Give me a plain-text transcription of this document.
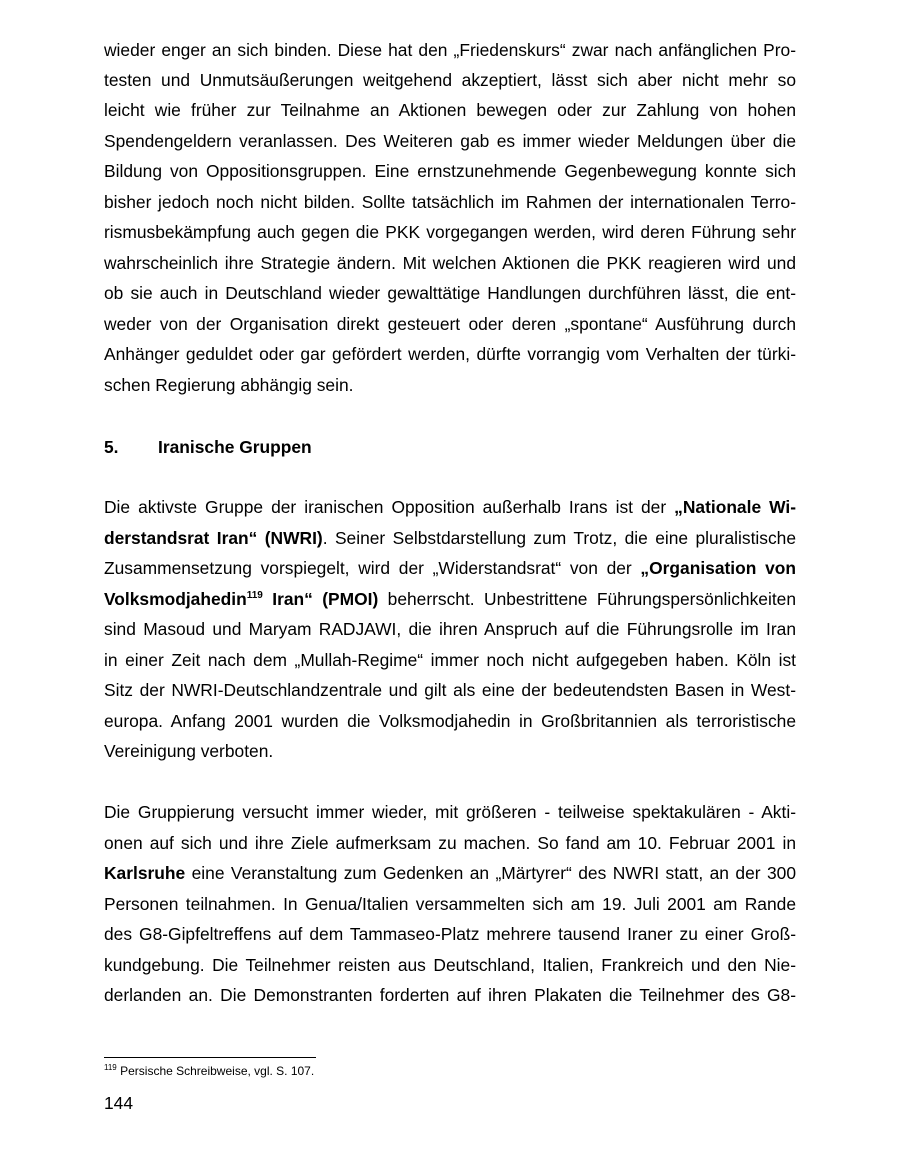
wieder enger an sich binden. Diese hat den „Friedenskurs“ zwar nach anfänglichen Pro-
testen und Unmutsäußerungen weitgehend akzeptiert, lässt sich aber nicht mehr so
leicht wie früher zur Teilnahme an Aktionen bewegen oder zur Zahlung von hohen
Spendengeldern veranlassen. Des Weiteren gab es immer wieder Meldungen über die
Bildung von Oppositionsgruppen. Eine ernstzunehmende Gegenbewegung konnte sich
bisher jedoch noch nicht bilden. Sollte tatsächlich im Rahmen der internationalen Terro-
rismusbekämpfung auch gegen die PKK vorgegangen werden, wird deren Führung sehr
wahrscheinlich ihre Strategie ändern. Mit welchen Aktionen die PKK reagieren wird und
ob sie auch in Deutschland wieder gewalttätige Handlungen durchführen lässt, die ent-
weder von der Organisation direkt gesteuert oder deren „spontane“ Ausführung durch
Anhänger geduldet oder gar gefördert werden, dürfte vorrangig vom Verhalten der türki-
schen Regierung abhängig sein.
5. Iranische Gruppen
Die aktivste Gruppe der iranischen Opposition außerhalb Irans ist der „Nationale Wi-
derstandsrat Iran“ (NWRI). Seiner Selbstdarstellung zum Trotz, die eine pluralistische
Zusammensetzung vorspiegelt, wird der „Widerstandsrat“ von der „Organisation von
Volksmodjahedin$^{119}$ Iran“ (PMOI) beherrscht. Unbestrittene Führungspersönlichkeiten
sind Masoud und Maryam RADJAWI, die ihren Anspruch auf die Führungsrolle im Iran
in einer Zeit nach dem „Mullah-Regime“ immer noch nicht aufgegeben haben. Köln ist
Sitz der NWRI-Deutschlandzentrale und gilt als eine der bedeutendsten Basen in West-
europa. Anfang 2001 wurden die Volksmodjahedin in Großbritannien als terroristische
Vereinigung verboten.
Die Gruppierung versucht immer wieder, mit größeren - teilweise spektakulären - Akti-
onen auf sich und ihre Ziele aufmerksam zu machen. So fand am 10. Februar 2001 in
Karlsruhe eine Veranstaltung zum Gedenken an „Märtyrer“ des NWRI statt, an der 300
Personen teilnahmen. In Genua/Italien versammelten sich am 19. Juli 2001 am Rande
des G8-Gipfeltreffens auf dem Tammaseo-Platz mehrere tausend Iraner zu einer Groß-
kundgebung. Die Teilnehmer reisten aus Deutschland, Italien, Frankreich und den Nie-
derlanden an. Die Demonstranten forderten auf ihren Plakaten die Teilnehmer des G8-
$^{119}$ Persische Schreibweise, vgl. S. 107.
144
